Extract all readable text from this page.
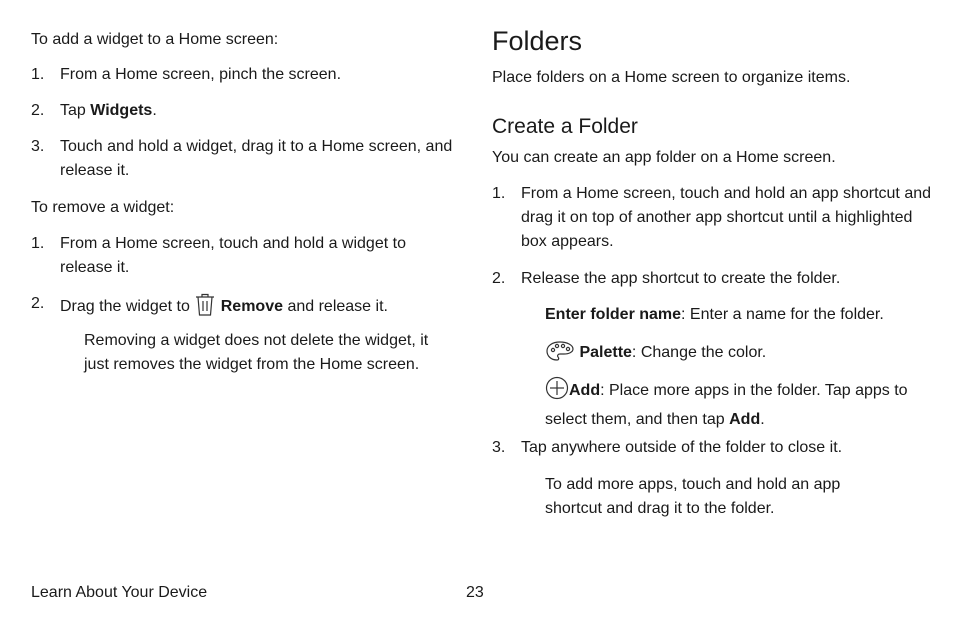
To add a widget to a Home screen:

1. From a Home screen, pinch the screen.

2. Tap Widgets.

3. Touch and hold a widget, drag it to a Home screen, and release it.

To remove a widget:

1. From a Home screen, touch and hold a widget to release it.

2. Drag the widget to  Remove and release it.

Removing a widget does not delete the widget, it just removes the widget from the Home screen.

Folders

Place folders on a Home screen to organize items.

Create a Folder

You can create an app folder on a Home screen.

1. From a Home screen, touch and hold an app shortcut and drag it on top of another app shortcut until a highlighted box appears.

2. Release the app shortcut to create the folder.

Enter folder name: Enter a name for the folder.

Palette: Change the color.

Add: Place more apps in the folder. Tap apps to select them, and then tap Add.

3. Tap anywhere outside of the folder to close it.

To add more apps, touch and hold an app shortcut and drag it to the folder.

Learn About Your Device	23
